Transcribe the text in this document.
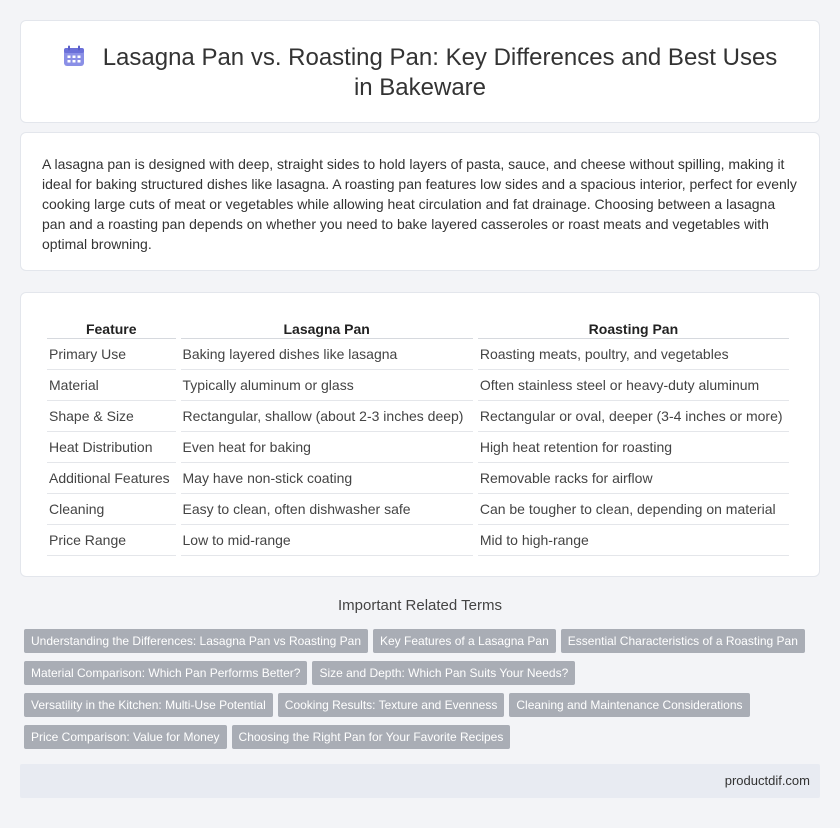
Lasagna Pan vs. Roasting Pan: Key Differences and Best Uses in Bakeware

A lasagna pan is designed with deep, straight sides to hold layers of pasta, sauce, and cheese without spilling, making it ideal for baking structured dishes like lasagna. A roasting pan features low sides and a spacious interior, perfect for evenly cooking large cuts of meat or vegetables while allowing heat circulation and fat drainage. Choosing between a lasagna pan and a roasting pan depends on whether you need to bake layered casseroles or roast meats and vegetables with optimal browning.

Feature	Lasagna Pan	Roasting Pan
Primary Use	Baking layered dishes like lasagna	Roasting meats, poultry, and vegetables
Material	Typically aluminum or glass	Often stainless steel or heavy-duty aluminum
Shape & Size	Rectangular, shallow (about 2-3 inches deep)	Rectangular or oval, deeper (3-4 inches or more)
Heat Distribution	Even heat for baking	High heat retention for roasting
Additional Features	May have non-stick coating	Removable racks for airflow
Cleaning	Easy to clean, often dishwasher safe	Can be tougher to clean, depending on material
Price Range	Low to mid-range	Mid to high-range
Important Related Terms
Understanding the Differences: Lasagna Pan vs Roasting Pan Key Features of a Lasagna Pan Essential Characteristics of a Roasting Pan
Material Comparison: Which Pan Performs Better? Size and Depth: Which Pan Suits Your Needs?
Versatility in the Kitchen: Multi-Use Potential Cooking Results: Texture and Evenness Cleaning and Maintenance Considerations
Price Comparison: Value for Money Choosing the Right Pan for Your Favorite Recipes
productdif.com
